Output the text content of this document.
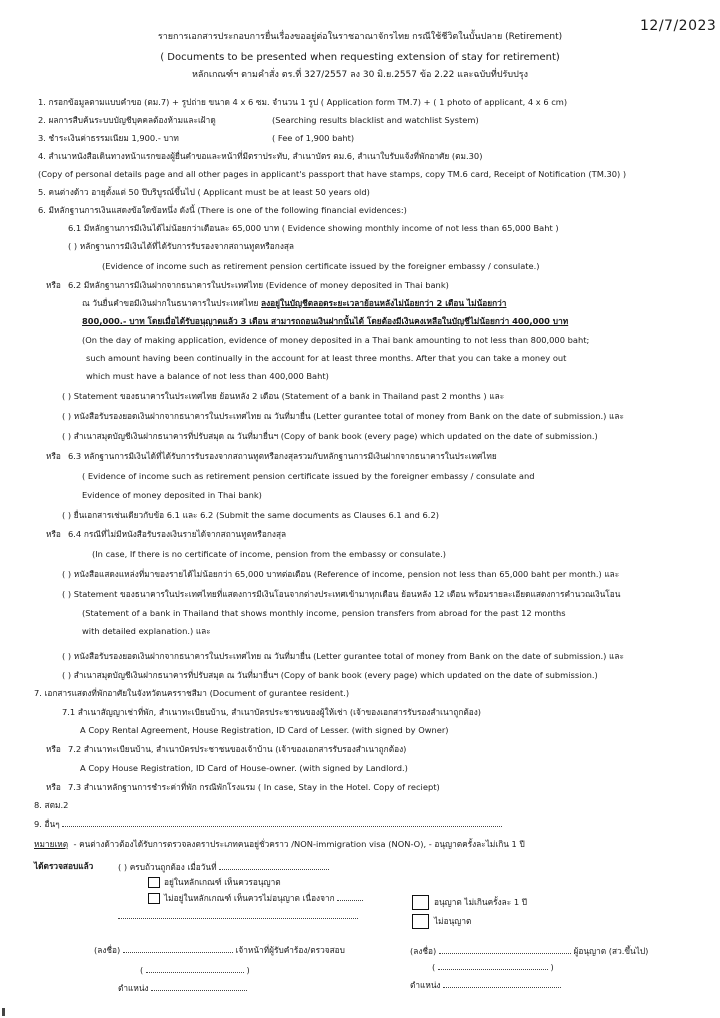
12/7/2023
รายการเอกสารประกอบการยื่นเรื่องขออยู่ต่อในราชอาณาจักรไทย กรณีใช้ชีวิตในบั้นปลาย (Retirement)
( Documents to be presented when requesting extension of stay for retirement)
หลักเกณฑ์ฯ ตามคำสั่ง ตร.ที่ 327/2557 ลง 30 มิ.ย.2557 ข้อ 2.22 และฉบับที่ปรับปรุง
1. กรอกข้อมูลตามแบบคำขอ (ตม.7) + รูปถ่าย ขนาด 4 x 6 ซม. จำนวน 1 รูป ( Application form TM.7) + ( 1 photo of applicant, 4 x 6 cm)
2. ผลการสืบค้นระบบบัญชีบุคคลต้องห้ามและเฝ้าดู	(Searching results blacklist and watchlist System)
3. ชำระเงินค่าธรรมเนียม 1,900.- บาท	( Fee of 1,900 baht)
4. สำเนาหนังสือเดินทางหน้าแรกของผู้ยื่นคำขอและหน้าที่มีตราประทับ, สำเนาบัตร ตม.6, สำเนาใบรับแจ้งที่พักอาศัย (ตม.30)
(Copy of personal details page and all other pages in applicant's passport that have stamps, copy TM.6 card, Receipt of Notification (TM.30) )
5. คนต่างด้าว อายุตั้งแต่ 50 ปีบริบูรณ์ขึ้นไป ( Applicant must be at least 50 years old)
6. มีหลักฐานการเงินแสดงข้อใดข้อหนึ่ง ดังนี้ (There is one of the following financial evidences:)
6.1 มีหลักฐานการมีเงินได้ไม่น้อยกว่าเดือนละ 65,000 บาท ( Evidence showing monthly income of not less than 65,000 Baht )
( ) หลักฐานการมีเงินได้ที่ได้รับการรับรองจากสถานทูตหรือกงสุล
(Evidence of income such as retirement pension certificate issued by the foreigner embassy / consulate.)
หรือ 6.2 มีหลักฐานการมีเงินฝากจากธนาคารในประเทศไทย (Evidence of money deposited in Thai bank)
ณ วันยื่นคำขอมีเงินฝากในธนาคารในประเทศไทย ลงอยู่ในบัญชีตลอดระยะเวลาย้อนหลังไม่น้อยกว่า 2 เดือน ไม่น้อยกว่า
800,000.- บาท โดยเมื่อได้รับอนุญาตแล้ว 3 เดือน สามารถถอนเงินฝากนั้นได้ โดยต้องมีเงินคงเหลือในบัญชีไม่น้อยกว่า 400,000 บาท
(On the day of making application, evidence of money deposited in a Thai bank amounting to not less than 800,000 baht;
such amount having been continually in the account for at least three months. After that you can take a money out
which must have a balance of not less than 400,000 Baht)
( ) Statement ของธนาคารในประเทศไทย ย้อนหลัง 2 เดือน (Statement of a bank in Thailand past 2 months ) และ
( ) หนังสือรับรองยอดเงินฝากจากธนาคารในประเทศไทย ณ วันที่มายื่น (Letter gurantee total of money from Bank on the date of submission.) และ
( ) สำเนาสมุดบัญชีเงินฝากธนาคารที่ปรับสมุด ณ วันที่มายื่นฯ (Copy of bank book (every page) which updated on the date of submission.)
หรือ 6.3 หลักฐานการมีเงินได้ที่ได้รับการรับรองจากสถานทูตหรือกงสุลรวมกับหลักฐานการมีเงินฝากจากธนาคารในประเทศไทย
( Evidence of income such as retirement pension certificate issued by the foreigner embassy / consulate and
Evidence of money deposited in Thai bank)
( ) ยื่นเอกสารเช่นเดียวกับข้อ 6.1 และ 6.2 (Submit the same documents as Clauses 6.1 and 6.2)
หรือ 6.4 กรณีที่ไม่มีหนังสือรับรองเงินรายได้จากสถานทูตหรือกงสุล
(In case, If there is no certificate of income, pension from the embassy or consulate.)
( ) หนังสือแสดงแหล่งที่มาของรายได้ไม่น้อยกว่า 65,000 บาทต่อเดือน (Reference of income, pension not less than 65,000 baht per month.) และ
( ) Statement ของธนาคารในประเทศไทยที่แสดงการมีเงินโอนจากต่างประเทศเข้ามาทุกเดือน ย้อนหลัง 12 เดือน พร้อมรายละเอียดแสดงการคำนวณเงินโอน
(Statement of a bank in Thailand that shows monthly income, pension transfers from abroad for the past 12 months
with detailed explanation.) และ
( ) หนังสือรับรองยอดเงินฝากจากธนาคารในประเทศไทย ณ วันที่มายื่น (Letter gurantee total of money from Bank on the date of submission.) และ
( ) สำเนาสมุดบัญชีเงินฝากธนาคารที่ปรับสมุด ณ วันที่มายื่นฯ (Copy of bank book (every page) which updated on the date of submission.)
7. เอกสารแสดงที่พักอาศัยในจังหวัดนครราชสีมา (Document of gurantee resident.)
7.1 สำเนาสัญญาเช่าที่พัก, สำเนาทะเบียนบ้าน, สำเนาบัตรประชาชนของผู้ให้เช่า (เจ้าของเอกสารรับรองสำเนาถูกต้อง)
A Copy Rental Agreement, House Registration, ID Card of Lesser. (with signed by Owner)
หรือ 7.2 สำเนาทะเบียนบ้าน, สำเนาบัตรประชาชนของเจ้าบ้าน (เจ้าของเอกสารรับรองสำเนาถูกต้อง)
A Copy House Registration, ID Card of House-owner. (with signed by Landlord.)
หรือ 7.3 สำเนาหลักฐานการชำระค่าที่พัก กรณีพักโรงแรม ( In case, Stay in the Hotel. Copy of reciept)
8. สตม.2
9. อื่นๆ
หมายเหตุ - คนต่างด้าวต้องได้รับการตรวจลงตราประเภทคนอยู่ชั่วคราว /NON-immigration visa (NON-O), - อนุญาตครั้งละไม่เกิน 1 ปี
ได้ตรวจสอบแล้ว	( ) ครบถ้วนถูกต้อง เมื่อวันที่
อยู่ในหลักเกณฑ์ เห็นควรอนุญาต
ไม่อยู่ในหลักเกณฑ์ เห็นควรไม่อนุญาต เนื่องจาก
(ลงชื่อ)	เจ้าหน้าที่ผู้รับคำร้อง/ตรวจสอบ
(	)
ตำแหน่ง
อนุญาต ไม่เกินครั้งละ 1 ปี
ไม่อนุญาต
(ลงชื่อ)	ผู้อนุญาต (สว.ขึ้นไป)
(	)
ตำแหน่ง
